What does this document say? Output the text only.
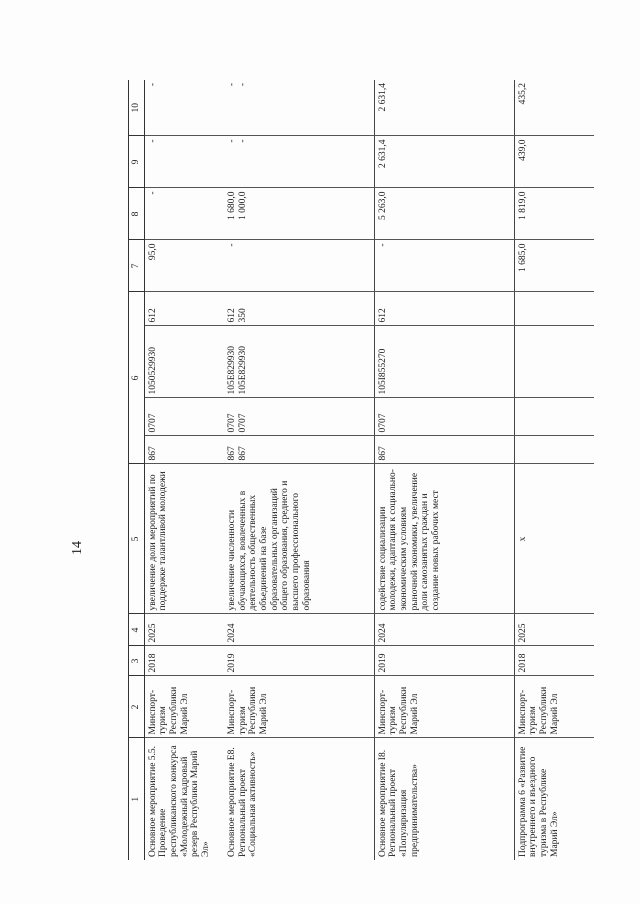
14
1	2	3	4	5	6				7	8	9	10
Основное мероприятие 5.5. Проведение республиканского конкурса «Молодежный кадровый резерв Республики Марий Эл»	Минспорт-туризм Республики Марий Эл	2018	2025	увеличение доли мероприятий по поддержке талантливой молодежи	867	0707	1050529930	612	95,0	-	-	-

Основное мероприятие Е8. Региональный проект «Социальная активность»	Минспорт-туризм Республики Марий Эл	2019	2024	увеличение численности обучающихся, вовлеченных в деятельность общественных объединений на базе образовательных организаций общего образования, среднего и высшего профессионального образования	867 867	0707 0707	105E829930 105E829930	612 350	-	1 680,0 1 000,0	- -	- -

Основное мероприятие I8. Региональный проект «Популяризация предпринимательства»	Минспорт-туризм Республики Марий Эл	2019	2024	содействие социализации молодежи, адаптация к социально-экономическим условиям рыночной экономики, увеличение доли самозанятых граждан и создание новых рабочих мест	867	0707	105I855270	612	-	5 263,0	2 631,4	2 631,4

Подпрограмма 6 «Развитие внутреннего и въездного туризма в Республике Марий Эл»	Минспорт-туризм Республики Марий Эл	2018	2025	х					1 685,0	1 819,0	439,0	435,2
